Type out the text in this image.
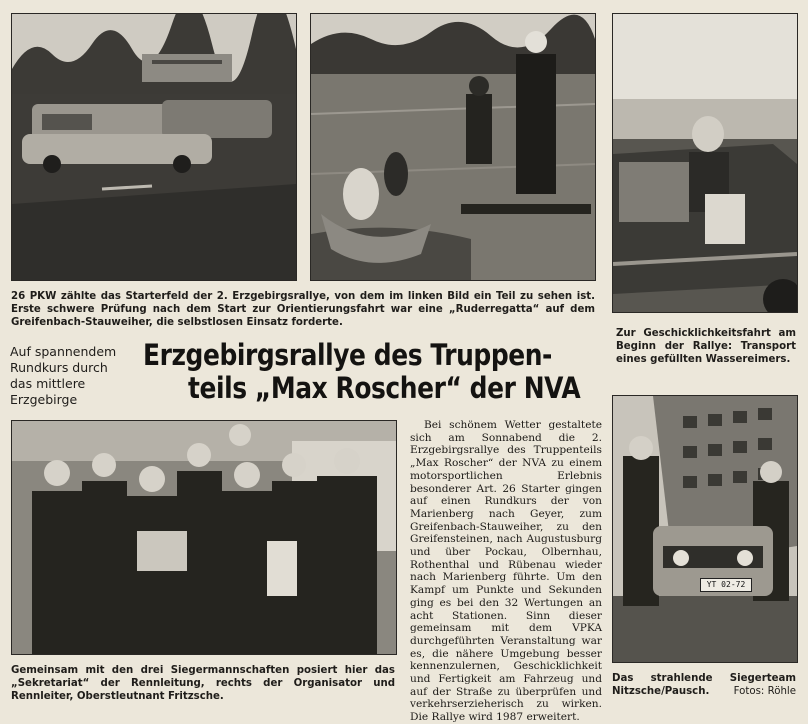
26 PKW zählte das Starterfeld der 2. Erzgebirgsrallye, von dem im linken Bild ein Teil zu sehen ist. Erste schwere Prüfung nach dem Start zur Orientierungsfahrt war eine „Ruderregatta“ auf dem Greifenbach-Stauweiher, die selbstlosen Einsatz forderte.
Zur Geschicklichkeitsfahrt am Beginn der Rallye: Transport eines gefüllten Wassereimers.
Auf spannendem
Rundkurs durch
das mittlere
Erzgebirge
Erzgebirgsrallye des Truppen-
teils „Max Roscher“ der NVA
Gemeinsam mit den drei Siegermannschaften posiert hier das „Sekretariat“ der Rennleitung, rechts der Organisator und Rennleiter, Oberstleutnant Fritzsche.
Bei schönem Wetter gestaltete sich am Sonnabend die 2. Erzgebirgsrallye des Truppenteils „Max Roscher“ der NVA zu einem motorsportlichen Erlebnis besonderer Art. 26 Starter gingen auf einen Rundkurs der von Marienberg nach Geyer, zum Greifenbach-Stauweiher, zu den Greifensteinen, nach Augustusburg und über Pockau, Olbernhau, Rothenthal und Rübenau wieder nach Marienberg führte. Um den Kampf um Punkte und Sekunden ging es bei den 32 Wertungen an acht Stationen. Sinn dieser gemeinsam mit dem VPKA durchgeführten Veranstaltung war es, die nähere Umgebung besser kennenzulernen, Geschicklichkeit und Fertigkeit am Fahrzeug und auf der Straße zu überprüfen und verkehrserzieherisch zu wirken. Die Rallye wird 1987 erweitert.
YT 02-72
Das strahlende Siegerteam
Nitzsche/Pausch. Fotos: Röhle
